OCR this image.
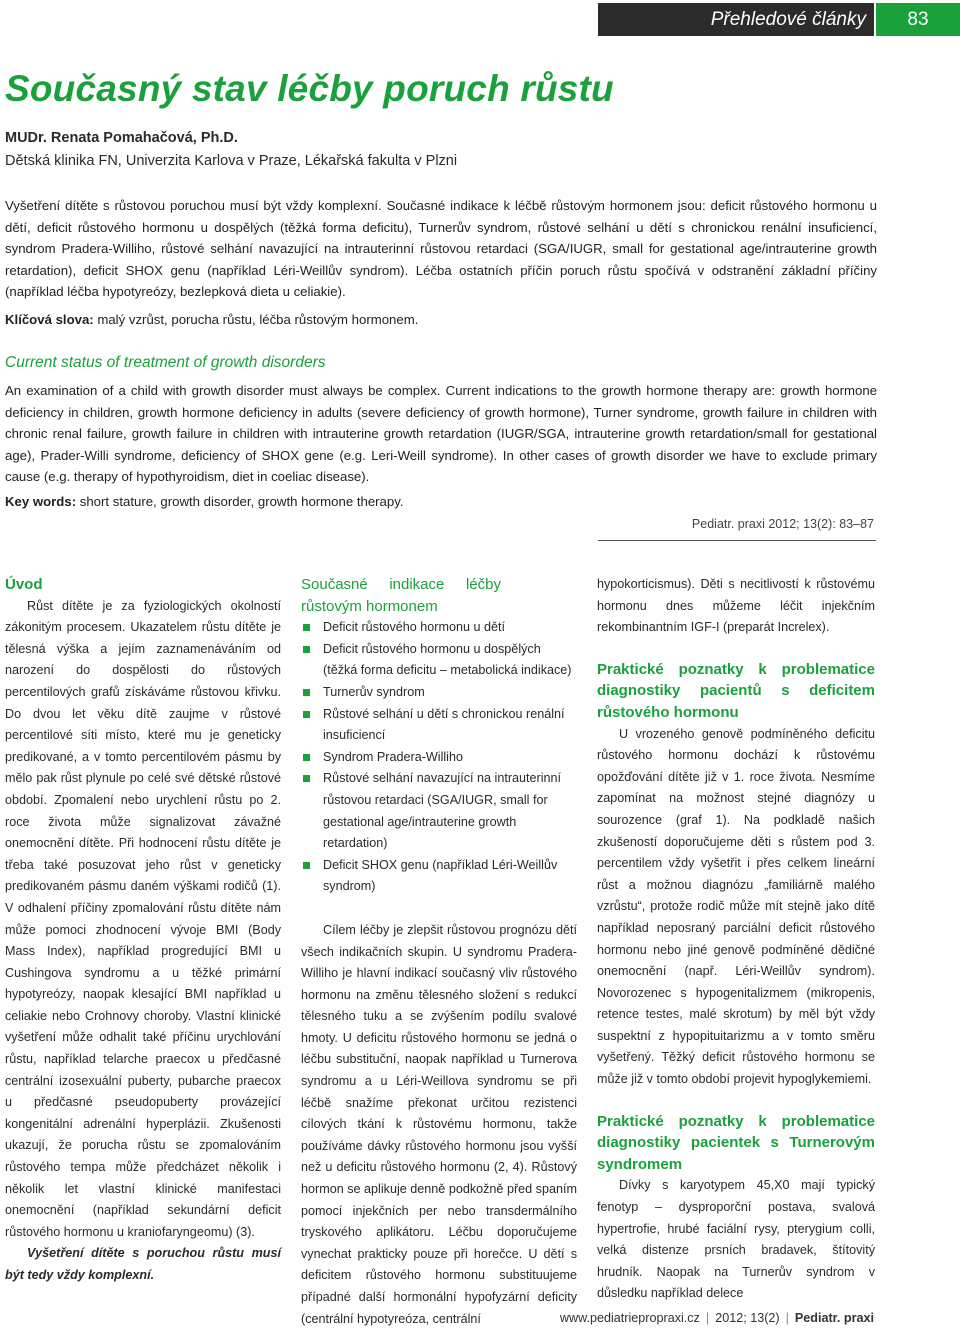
Přehledové články	83
Současný stav léčby poruch růstu
MUDr. Renata Pomahačová, Ph.D.
Dětská klinika FN, Univerzita Karlova v Praze, Lékařská fakulta v Plzni

Vyšetření dítěte s růstovou poruchou musí být vždy komplexní. Současné indikace k léčbě růstovým hormonem jsou: deficit růstového hormonu u dětí, deficit růstového hormonu u dospělých (těžká forma deficitu), Turnerův syndrom, růstové selhání u dětí s chronickou renální insuficiencí, syndrom Pradera-Williho, růstové selhání navazující na intrauterinní růstovou retardaci (SGA/IUGR, small for gestational age/intrauterine growth retardation), deficit SHOX genu (například Léri-Weillův syndrom). Léčba ostatních příčin poruch růstu spočívá v odstranění základní příčiny (například léčba hypotyreózy, bezlepková dieta u celiakie).

Klíčová slova: malý vzrůst, porucha růstu, léčba růstovým hormonem.
Current status of treatment of growth disorders

An examination of a child with growth disorder must always be complex. Current indications to the growth hormone therapy are: growth hormone deficiency in children, growth hormone deficiency in adults (severe deficiency of growth hormone), Turner syndrome, growth failure in children with chronic renal failure, growth failure in children with intrauterine growth retardation (IUGR/SGA, intrauterine growth retardation/small for gestational age), Prader-Willi syndrome, deficiency of SHOX gene (e.g. Leri-Weill syndrome). In other cases of growth disorder we have to exclude primary cause (e.g. therapy of hypothyroidism, diet in coeliac disease).

Key words: short stature, growth disorder, growth hormone therapy.
Pediatr. praxi 2012; 13(2): 83–87

Úvod

Růst dítěte je za fyziologických okolností zákonitým procesem. Ukazatelem růstu dítěte je tělesná výška a jejím zaznamenáváním od narození do dospělosti do růstových percentilových grafů získáváme růstovou křivku. Do dvou let věku dítě zaujme v růstové percentilové síti místo, které mu je geneticky predikované, a v tomto percentilovém pásmu by mělo pak růst plynule po celé své dětské růstové období. Zpomalení nebo urychlení růstu po 2. roce života může signalizovat závažné onemocnění dítěte. Při hodnocení růstu dítěte je třeba také posuzovat jeho růst v geneticky predikovaném pásmu daném výškami rodičů (1). V odhalení příčiny zpomalování růstu dítěte nám může pomoci zhodnocení vývoje BMI (Body Mass Index), například progredující BMI u Cushingova syndromu a u těžké primární hypotyreózy, naopak klesající BMI například u celiakie nebo Crohnovy choroby. Vlastní klinické vyšetření může odhalit také příčinu urychlování růstu, například telarche praecox u předčasné centrální izosexuální puberty, pubarche praecox u předčasné pseudopuberty provázející kongenitální adrenální hyperplázii. Zkušenosti ukazují, že porucha růstu se zpomalováním růstového tempa může předcházet několik i několik let vlastní klinické manifestaci onemocnění (například sekundární deficit růstového hormonu u kraniofaryngeomu) (3).

Vyšetření dítěte s poruchou růstu musí být tedy vždy komplexní.

Současné indikace léčby růstovým hormonem

Deficit růstového hormonu u dětí
Deficit růstového hormonu u dospělých (těžká forma deficitu – metabolická indikace)
Turnerův syndrom
Růstové selhání u dětí s chronickou renální insuficiencí
Syndrom Pradera-Williho
Růstové selhání navazující na intrauterinní růstovou retardaci (SGA/IUGR, small for gestational age/intrauterine growth retardation)
Deficit SHOX genu (například Léri-Weillův syndrom)

Cílem léčby je zlepšit růstovou prognózu dětí všech indikačních skupin. U syndromu Pradera-Williho je hlavní indikací současný vliv růstového hormonu na změnu tělesného složení s redukcí tělesného tuku a se zvýšením podílu svalové hmoty. U deficitu růstového hormonu se jedná o léčbu substituční, naopak například u Turnerova syndromu a u Léri-Weillova syndromu se při léčbě snažíme překonat určitou rezistenci cílových tkání k růstovému hormonu, takže používáme dávky růstového hormonu jsou vyšší než u deficitu růstového hormonu (2, 4). Růstový hormon se aplikuje denně podkožně před spaním pomocí injekčních per nebo transdermálního tryskového aplikátoru. Léčbu doporučujeme vynechat prakticky pouze při horečce. U dětí s deficitem růstového hormonu substituujeme případné další hormonální hypofyzární deficity (centrální hypotyreóza, centrální

hypokorticismus). Děti s necitlivostí k růstovému hormonu dnes můžeme léčit injekčním rekombinantním IGF-I (preparát Increlex).

Praktické poznatky k problematice diagnostiky pacientů s deficitem růstového hormonu

U vrozeného genově podmíněného deficitu růstového hormonu dochází k růstovému opožďování dítěte již v 1. roce života. Nesmíme zapomínat na možnost stejné diagnózy u sourozence (graf 1). Na podkladě našich zkušeností doporučujeme děti s růstem pod 3. percentilem vždy vyšetřit i přes celkem lineární růst a možnou diagnózu „familiárně malého vzrůstu“, protože rodič může mít stejně jako dítě například neposraný parciální deficit růstového hormonu nebo jiné genově podmíněné dědičné onemocnění (např. Léri-Weillův syndrom). Novorozenec s hypogenitalizmem (mikropenis, retence testes, malé skrotum) by měl být vždy suspektní z hypopituitarizmu a v tomto směru vyšetřený. Těžký deficit růstového hormonu se může již v tomto období projevit hypoglykemiemi.

Praktické poznatky k problematice diagnostiky pacientek s Turnerovým syndromem

Dívky s karyotypem 45,X0 mají typický fenotyp – dysproporční postava, svalová hypertrofie, hrubé faciální rysy, pterygium colli, velká distenze prsních bradavek, štítovitý hrudník. Naopak na Turnerův syndrom v důsledku například delece

www.pediatriepropraxi.cz | 2012; 13(2) | Pediatr. praxi
